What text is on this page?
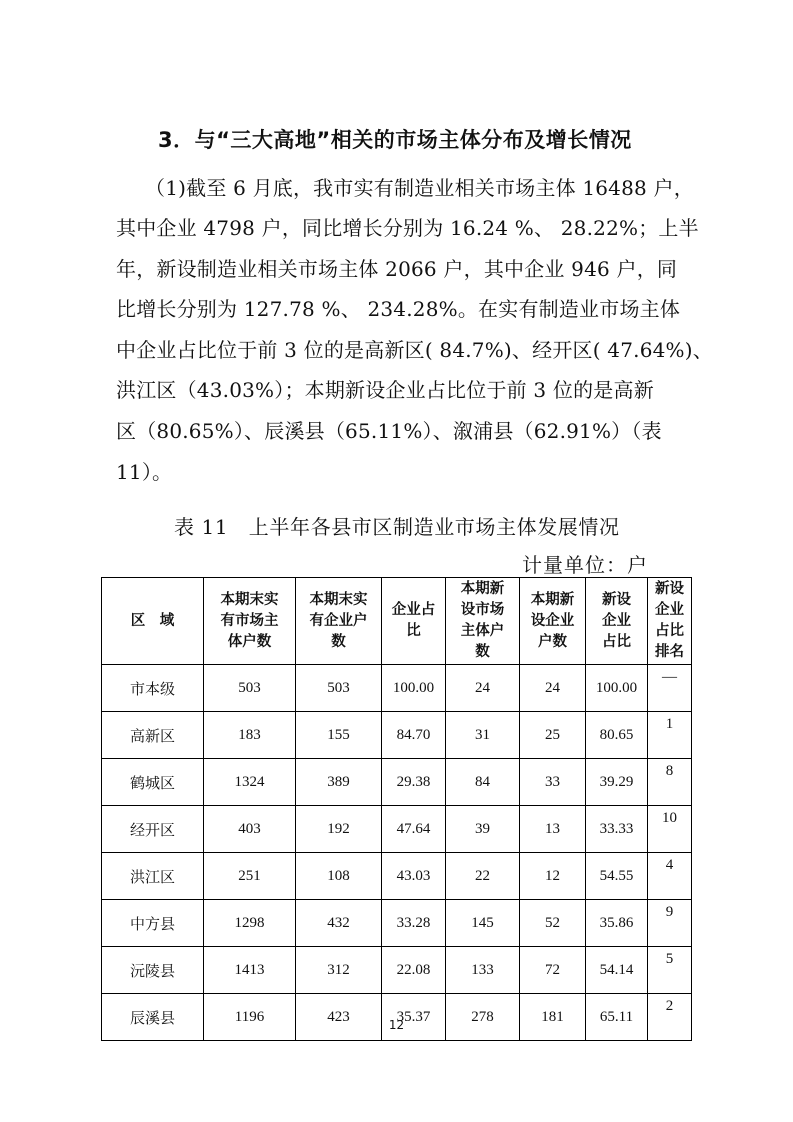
3．与“三大高地”相关的市场主体分布及增长情况
（1)截至 6 月底，我市实有制造业相关市场主体 16488 户，
其中企业 4798 户，同比增长分别为 16.24 %、 28.22%；上半
年，新设制造业相关市场主体 2066 户，其中企业 946 户，同
比增长分别为 127.78 %、 234.28%。在实有制造业市场主体
中企业占比位于前 3 位的是高新区( 84.7%)、经开区( 47.64%)、
洪江区（43.03%）；本期新设企业占比位于前 3 位的是高新
区（80.65%）、辰溪县（65.11%）、溆浦县（62.91%）（表
11）。
表 11　上半年各县市区制造业市场主体发展情况
计量单位：户
区　域	本期末实
有市场主
体户数	本期末实
有企业户
数	企业占
比	本期新
设市场
主体户
数	本期新
设企业
户数	新设
企业
占比	新设
企业
占比
排名
市本级	503	503	100.00	24	24	100.00	—
高新区	183	155	84.70	31	25	80.65	1
鹤城区	1324	389	29.38	84	33	39.29	8
经开区	403	192	47.64	39	13	33.33	10
洪江区	251	108	43.03	22	12	54.55	4
中方县	1298	432	33.28	145	52	35.86	9
沅陵县	1413	312	22.08	133	72	54.14	5
辰溪县	1196	423	35.37	278	181	65.11	2
12
